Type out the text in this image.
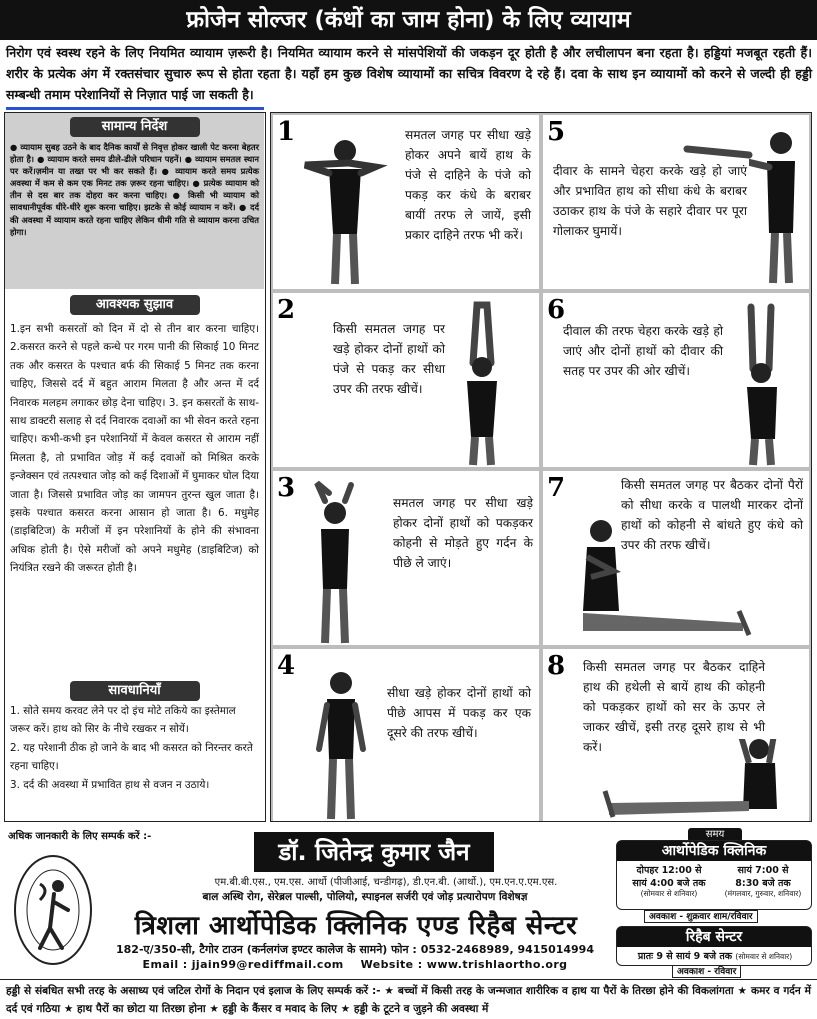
फ्रोजेन सोल्जर (कंधों का जाम होना) के लिए व्यायाम
निरोग एवं स्वस्थ रहने के लिए नियमित व्यायाम ज़रूरी है। नियमित व्यायाम करने से मांसपेशियों की जकड़न दूर होती है और लचीलापन बना रहता है। हड्डियां मजबूत रहती हैं। शरीर के प्रत्येक अंग में रक्तसंचार सुचारु रूप से होता रहता है। यहाँ हम कुछ विशेष व्यायामों का सचित्र विवरण दे रहे हैं। दवा के साथ इन व्यायामों को करने से जल्दी ही हड्डी सम्बन्धी तमाम परेशानियों से निज़ात पाई जा सकती है।
सामान्य निर्देश

● व्यायाम सुबह उठने के बाद दैनिक कार्यों से निवृत्त होकर खाली पेट करना बेहतर होता है। ● व्यायाम करते समय ढीले-ढीले परिधान पहनें। ● व्यायाम समतल स्थान पर करें।ज़मीन या तख्त पर भी कर सकते हैं। ● व्यायाम करते समय प्रत्येक अवस्था में कम से कम एक मिनट तक ज़रूर रहना चाहिए। ● प्रत्येक व्यायाम को तीन से दस बार तक दोहरा कर करना चाहिए। ● किसी भी व्यायाम को सावधानीपूर्वक धीरे-धीरे शुरू करना चाहिए। झटके से कोई व्यायाम न करें। ● दर्द की अवस्था में व्यायाम करते रहना चाहिए लेकिन धीमी गति से व्यायाम करना उचित होगा।

आवश्यक सुझाव

1.इन सभी कसरतों को दिन में दो से तीन बार करना चाहिए। 2.कसरत करने से पहले कन्धे पर गरम पानी की सिकाई 10 मिनट तक और कसरत के पश्चात बर्फ की सिकाई 5 मिनट तक करना चाहिए, जिससे दर्द में बहुत आराम मिलता है और अन्त में दर्द निवारक मलहम लगाकर छोड़ देना चाहिए। 3. इन कसरतों के साथ-साथ डाक्टरी सलाह से दर्द निवारक दवाओं का भी सेवन करते रहना चाहिए। कभी-कभी इन परेशानियों में केवल कसरत से आराम नहीं मिलता है, तो प्रभावित जोड़ में कई दवाओं को मिश्रित करके इन्जेक्सन एवं तत्पश्चात जोड़ को कई दिशाओं में घुमाकर घोल दिया जाता है। जिससे प्रभावित जोड़ का जामपन तुरन्त खुल जाता है। इसके पश्चात कसरत करना आसान हो जाता है। 6. मधुमेह (डाइबिटिज) के मरीजों में इन परेशानियों के होने की संभावना अधिक होती है। ऐसे मरीजों को अपने मधुमेह (डाइबिटिज) को नियंत्रित रखने की जरूरत होती है।

सावधानियाँ
1. सोते समय करवट लेने पर दो इंच मोटे तकिये का इस्तेमाल जरूर करें। हाथ को सिर के नीचे रखकर न सोयें।
2. यह परेशानी ठीक हो जाने के बाद भी कसरत को निरन्तर करते रहना चाहिए।
3. दर्द की अवस्था में प्रभावित हाथ से वजन न उठाये।
1	समतल जगह पर सीधा खड़े होकर अपने बायें हाथ के पंजे से दाहिने के पंजे को पकड़ कर कंधे के बराबर बायीं तरफ ले जायें, इसी प्रकार दाहिने तरफ भी करें।
5
दीवार के सामने चेहरा करके खड़े हो जाएं और प्रभावित हाथ को सीधा कंधे के बराबर उठाकर हाथ के पंजे के सहारे दीवार पर पूरा गोलाकर घुमायें।
2
किसी समतल जगह पर खड़े होकर दोनों हाथों को पंजे से पकड़ कर सीधा उपर की तरफ खीचें।
6
दीवाल की तरफ चेहरा करके खड़े हो जाएं और दोनों हाथों को दीवार की सतह पर उपर की ओर खीचें।
3	समतल जगह पर सीधा खड़े होकर दोनों हाथों को पकड़कर कोहनी से मोड़ते हुए गर्दन के पीछे ले जाएं।
7	किसी समतल जगह पर बैठकर दोनों पैरों को सीधा करके व पालथी मारकर दोनों हाथों को कोहनी से बांधते हुए कंधे को उपर की तरफ खीचें।
4
सीधा खड़े होकर दोनों हाथों को पीछे आपस में पकड़ कर एक दूसरे की तरफ खीचें।
8 किसी समतल जगह पर बैठकर दाहिने हाथ की हथेली से बायें हाथ की कोहनी को पकड़कर हाथों को सर के ऊपर ले जाकर खीचें, इसी तरह दूसरे हाथ से भी करें।
अधिक जानकारी के लिए सम्पर्क करें :-
डॉ. जितेन्द्र कुमार जैन
एम.बी.बी.एस., एम.एस. आर्थो (पीजीआई, चन्डीगढ़), डी.एन.बी. (आर्थो.), एम.एन.ए.एम.एस.
बाल अस्थि रोग, सेरेब्रल पाल्सी, पोलियो, स्पाइनल सर्जरी एवं जोड़ प्रत्यारोपण विशेषज्ञ
त्रिशला आर्थोपेडिक क्लिनिक एण्ड रिहैब सेन्टर
182-ए/350-सी, टैगोर टाउन (कर्नलगंज इण्टर कालेज के सामने) फोन : 0532-2468989, 9415014994
Email : jjain99@rediffmail.com Website : www.trishlaortho.org
समय
आर्थोपेडिक क्लिनिक
दोपहर 12:00 से
सायं 4:00 बजे तक
(सोमवार से शनिवार)
सायं 7:00 से
8:30 बजे तक
(मंगलवार, गुरुवार, शनिवार)
अवकाश - शुक्रवार शाम/रविवार
रिहैब सेन्टर
प्रातः 9 से सायं 9 बजे तक (सोमवार से शनिवार)
अवकाश - रविवार
हड्डी से संबधित सभी तरह के असाध्य एवं जटिल रोगों के निदान एवं इलाज के लिए सम्पर्क करें :- ★ बच्चों में किसी तरह के जन्मजात शारीरिक व हाथ या पैरों के तिरछा होने की विकलांगता ★ कमर व गर्दन में दर्द एवं गठिया ★ हाथ पैरों का छोटा या तिरछा होना ★ हड्डी के कैंसर व मवाद के लिए ★ हड्डी के टूटने व जुड़ने की अवस्था में
